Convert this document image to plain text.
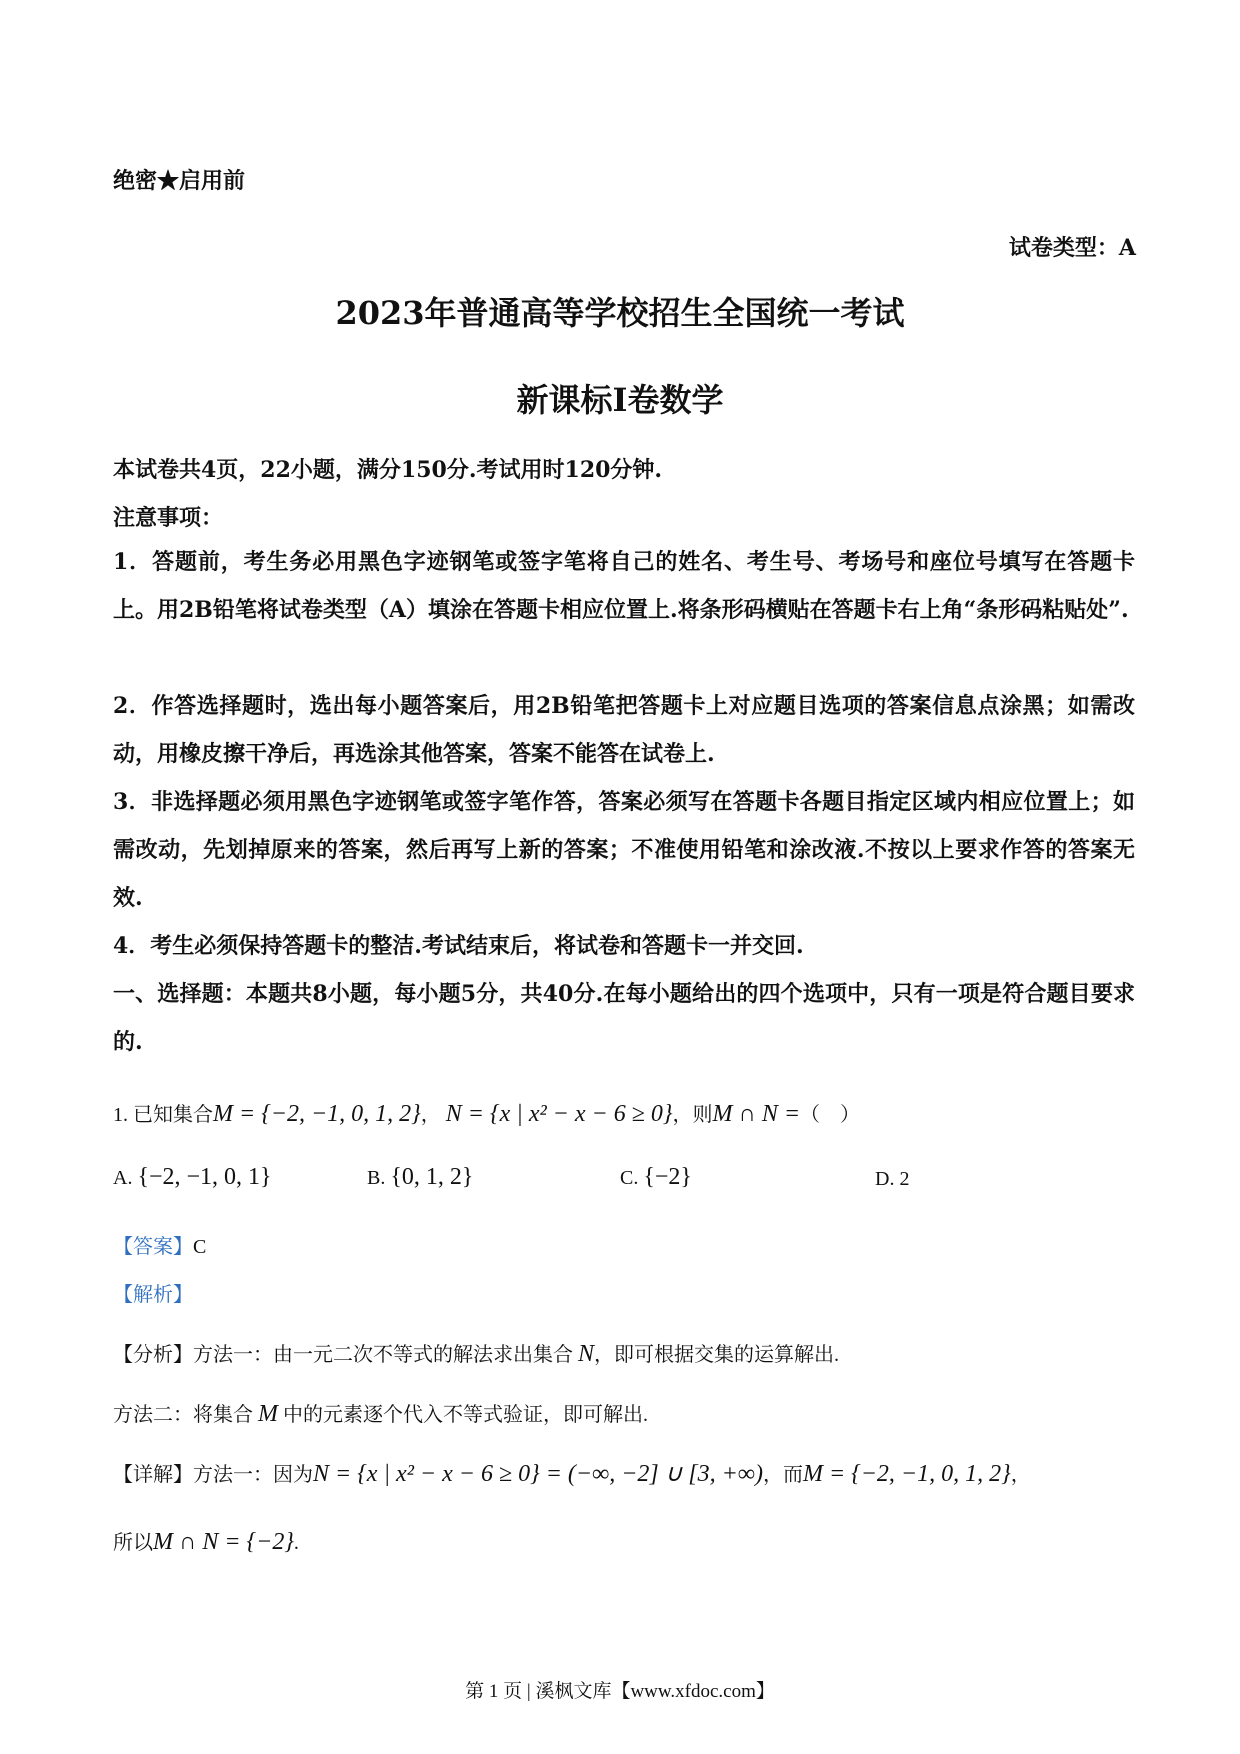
绝密★启用前
试卷类型：A
2023年普通高等学校招生全国统一考试
新课标Ⅰ卷数学
本试卷共4页，22小题，满分150分.考试用时120分钟.
注意事项：
1．答题前，考生务必用黑色字迹钢笔或签字笔将自己的姓名、考生号、考场号和座位号填写在答题卡上。用2B铅笔将试卷类型（A）填涂在答题卡相应位置上.将条形码横贴在答题卡右上角“条形码粘贴处”.
2．作答选择题时，选出每小题答案后，用2B铅笔把答题卡上对应题目选项的答案信息点涂黑；如需改动，用橡皮擦干净后，再选涂其他答案，答案不能答在试卷上.
3．非选择题必须用黑色字迹钢笔或签字笔作答，答案必须写在答题卡各题目指定区域内相应位置上；如需改动，先划掉原来的答案，然后再写上新的答案；不准使用铅笔和涂改液.不按以上要求作答的答案无效.
4．考生必须保持答题卡的整洁.考试结束后，将试卷和答题卡一并交回.
一、选择题：本题共8小题，每小题5分，共40分.在每小题给出的四个选项中，只有一项是符合题目要求的.
1. 已知集合M = {−2, −1, 0, 1, 2}， N = {x | x² − x − 6 ≥ 0}，则M ∩ N =（　）
A. {−2, −1, 0, 1}	B. {0, 1, 2}	C. {−2}	D. 2
【答案】C
【解析】
【分析】方法一：由一元二次不等式的解法求出集合 N，即可根据交集的运算解出.
方法二：将集合 M 中的元素逐个代入不等式验证，即可解出.
【详解】方法一：因为N = {x | x² − x − 6 ≥ 0} = (−∞, −2] ∪ [3, +∞)，而M = {−2, −1, 0, 1, 2}，
所以M ∩ N = {−2}.
第 1 页 | 溪枫文库【www.xfdoc.com】
